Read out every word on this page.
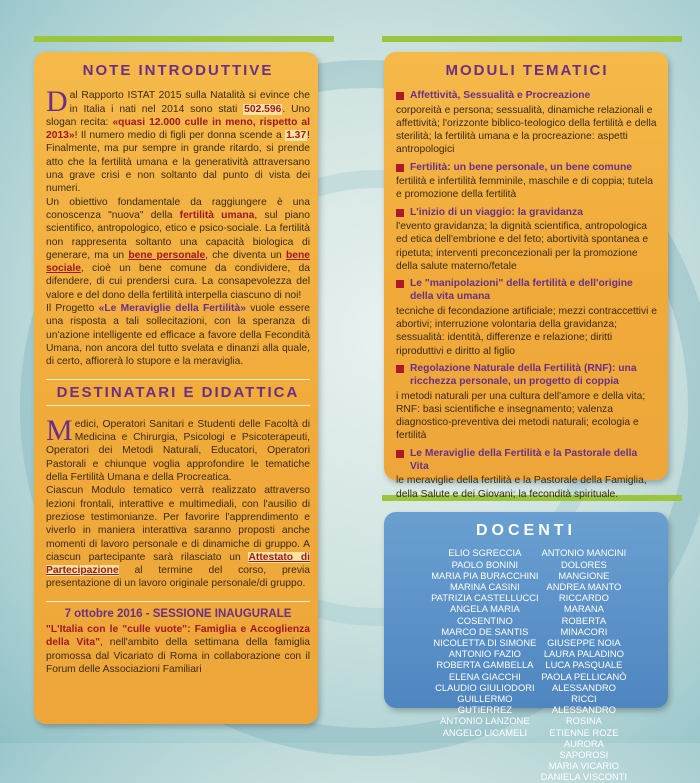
NOTE INTRODUTTIVE

Dal Rapporto ISTAT 2015 sulla Natalità si evince che in Italia i nati nel 2014 sono stati 502.596. Uno slogan recita: «quasi 12.000 culle in meno, rispetto al 2013»! Il numero medio di figli per donna scende a 1.37! Finalmente, ma pur sempre in grande ritardo, si prende atto che la fertilità umana e la generatività attraversano una grave crisi e non soltanto dal punto di vista dei numeri.

Un obiettivo fondamentale da raggiungere è una conoscenza "nuova" della fertilità umana, sul piano scientifico, antropologico, etico e psico-sociale. La fertilità non rappresenta soltanto una capacità biologica di generare, ma un bene personale, che diventa un bene sociale, cioè un bene comune da condividere, da difendere, di cui prendersi cura. La consapevolezza del valore e del dono della fertilità interpella ciascuno di noi!

Il Progetto «Le Meraviglie della Fertilità» vuole essere una risposta a tali sollecitazioni, con la speranza di un'azione intelligente ed efficace a favore della Fecondità Umana, non ancora del tutto svelata e dinanzi alla quale, di certo, affiorerà lo stupore e la meraviglia.

DESTINATARI E DIDATTICA

Medici, Operatori Sanitari e Studenti delle Facoltà di Medicina e Chirurgia, Psicologi e Psicoterapeuti, Operatori dei Metodi Naturali, Educatori, Operatori Pastorali e chiunque voglia approfondire le tematiche della Fertilità Umana e della Procreatica.

Ciascun Modulo tematico verrà realizzato attraverso lezioni frontali, interattive e multimediali, con l'ausilio di preziose testimonianze. Per favorire l'apprendimento e viverlo in maniera interattiva saranno proposti anche momenti di lavoro personale e di dinamiche di gruppo. A ciascun partecipante sarà rilasciato un Attestato di Partecipazione al termine del corso, previa presentazione di un lavoro originale personale/di gruppo.

7 ottobre 2016 - SESSIONE INAUGURALE

"L'Italia con le "culle vuote": Famiglia e Accoglienza della Vita", nell'ambito della settimana della famiglia promossa dal Vicariato di Roma in collaborazione con il Forum delle Associazioni Familiari

MODULI TEMATICI
Affettività, Sessualità e Procreazione
corporeità e persona; sessualità, dinamiche relazionali e affettività; l'orizzonte biblico-teologico della fertilità e della sterilità; la fertilità umana e la procreazione: aspetti antropologici
Fertilità: un bene personale, un bene comune
fertilità e infertilità femminile, maschile e di coppia; tutela e promozione della fertilità
L'inizio di un viaggio: la gravidanza
l'evento gravidanza; la dignità scientifica, antropologica ed etica dell'embrione e del feto; abortività spontanea e ripetuta; interventi preconcezionali per la promozione della salute materno/fetale
Le "manipolazioni" della fertilità e dell'origine della vita umana
tecniche di fecondazione artificiale; mezzi contraccettivi e abortivi; interruzione volontaria della gravidanza; sessualità: identità, differenze e relazione; diritti riproduttivi e diritto al figlio
Regolazione Naturale della Fertilità (RNF): una ricchezza personale, un progetto di coppia
i metodi naturali per una cultura dell'amore e della vita; RNF: basi scientifiche e insegnamento; valenza diagnostico-preventiva dei metodi naturali; ecologia e fertilità
Le Meraviglie della Fertilità e la Pastorale della Vita
le meraviglie della fertilità e la Pastorale della Famiglia, della Salute e dei Giovani; la fecondità spirituale.
DOCENTI
ELIO SGRECCIA
PAOLO BONINI
MARIA PIA BURACCHINI
MARINA CASINI
PATRIZIA CASTELLUCCI
ANGELA MARIA COSENTINO
MARCO DE SANTIS
NICOLETTA DI SIMONE
ANTONIO FAZIO
ROBERTA GAMBELLA
ELENA GIACCHI
CLAUDIO GIULIODORI
GUILLERMO GUTIERREZ
ANTONIO LANZONE
ANGELO LICAMELI
ANTONIO MANCINI
DOLORES MANGIONE
ANDREA MANTO
RICCARDO MARANA
ROBERTA MINACORI
GIUSEPPE NOIA
LAURA PALADINO
LUCA PASQUALE
PAOLA PELLICANÒ
ALESSANDRO RICCI
ALESSANDRO ROSINA
ETIENNE ROZE
AURORA SAPOROSI
MARIA VICARIO
DANIELA VISCONTI
